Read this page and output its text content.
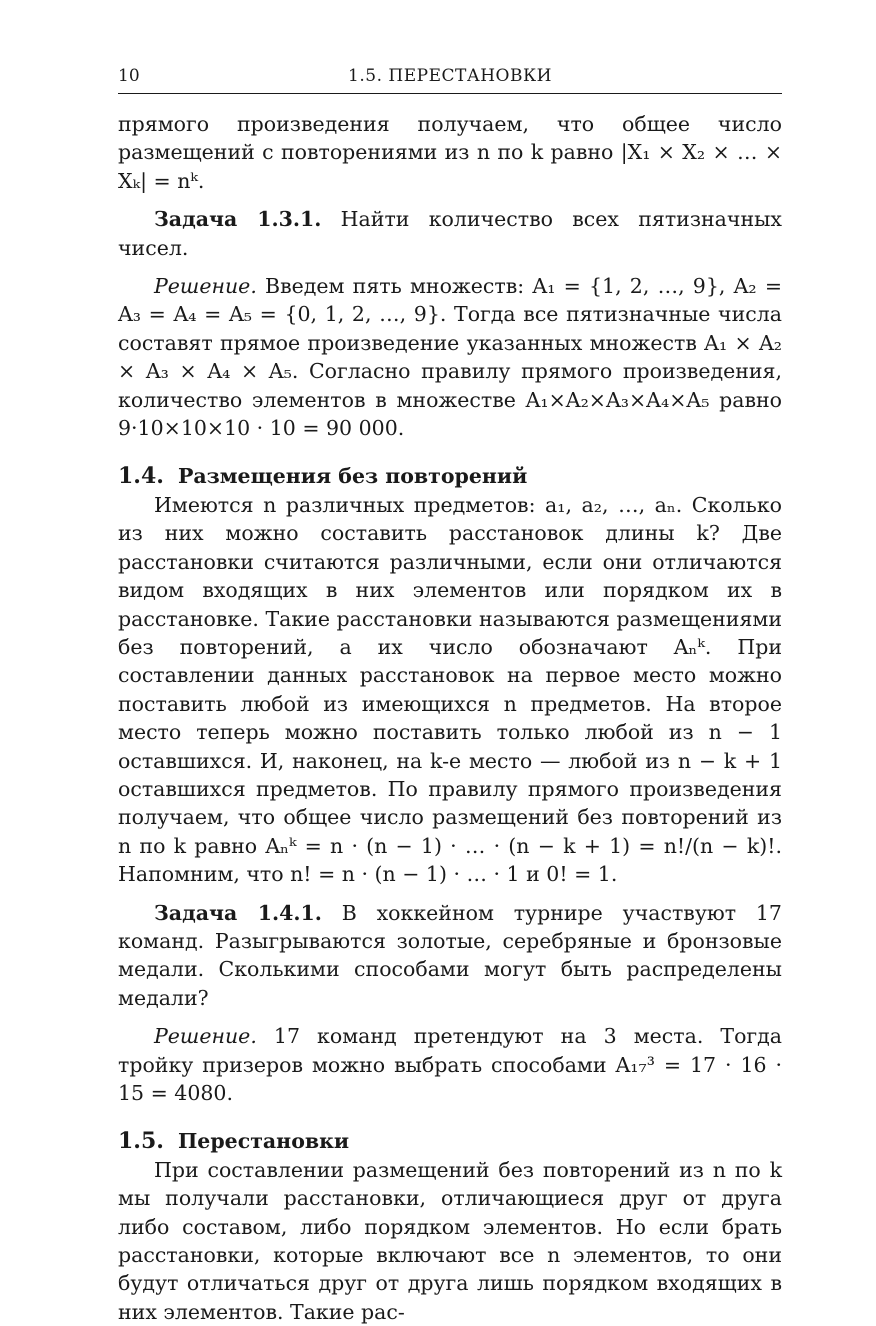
10	1.5. ПЕРЕСТАНОВКИ

прямого произведения получаем, что общее число размещений с повторениями из n по k равно |X₁ × X₂ × … × Xₖ| = nᵏ.

Задача 1.3.1. Найти количество всех пятизначных чисел.

Решение. Введем пять множеств: A₁ = {1, 2, …, 9}, A₂ = A₃ = A₄ = A₅ = {0, 1, 2, …, 9}. Тогда все пятизначные числа составят прямое произведение указанных множеств A₁ × A₂ × A₃ × A₄ × A₅. Согласно правилу прямого произведения, количество элементов в множестве A₁×A₂×A₃×A₄×A₅ равно 9·10×10×10 · 10 = 90 000.

1.4. Размещения без повторений

Имеются n различных предметов: a₁, a₂, …, aₙ. Сколько из них можно составить расстановок длины k? Две расстановки считаются различными, если они отличаются видом входящих в них элементов или порядком их в расстановке. Такие расстановки называются размещениями без повторений, а их число обозначают Aₙᵏ. При составлении данных расстановок на первое место можно поставить любой из имеющихся n предметов. На второе место теперь можно поставить только любой из n − 1 оставшихся. И, наконец, на k-е место — любой из n − k + 1 оставшихся предметов. По правилу прямого произведения получаем, что общее число размещений без повторений из n по k равно Aₙᵏ = n · (n − 1) · … · (n − k + 1) = n!/(n − k)!. Напомним, что n! = n · (n − 1) · … · 1 и 0! = 1.

Задача 1.4.1. В хоккейном турнире участвуют 17 команд. Разыгрываются золотые, серебряные и бронзовые медали. Сколькими способами могут быть распределены медали?

Решение. 17 команд претендуют на 3 места. Тогда тройку призеров можно выбрать способами A₁₇³ = 17 · 16 · 15 = 4080.

1.5. Перестановки

При составлении размещений без повторений из n по k мы получали расстановки, отличающиеся друг от друга либо составом, либо порядком элементов. Но если брать расстановки, которые включают все n элементов, то они будут отличаться друг от друга лишь порядком входящих в них элементов. Такие рас-
